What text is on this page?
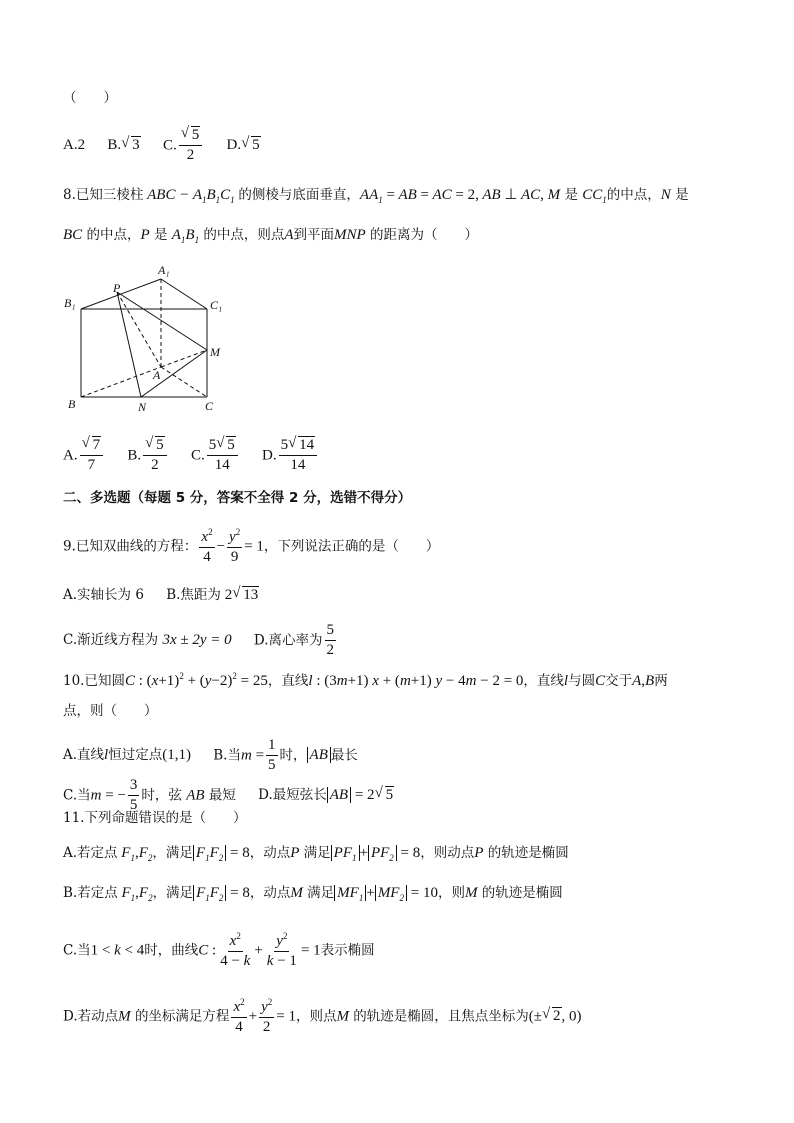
（　　）
A.2 B.√ 3 C.
√ $\frac{5}{2} D.√$ 5
8.已知三棱柱 ABC − $A_1B_1C_1$ 的侧棱与底面垂直，$AA_1$ = AB = AC = 2, AB ⊥ AC, M 是 $CC_1$的中点，N 是
BC 的中点，P 是 $A_1B_1$ 的中点，则点A到平面MNP 的距离为（　　）
A₁
B₁	C₁
P
M
A
B	N	C
A.
√ $\frac{7}{7} B$.
√ $\frac{5}{2} C$. $\frac{5√ 5}{14} D$. $\frac{5√ 14}{14}$
二、多选题（每题 5 分，答案不全得 2 分，选错不得分）
9.已知双曲线的方程： $\frac{x^2}{4} - \frac{y^2}{9} = 1$，下列说法正确的是（　　）
A.实轴长为 6 B.焦距为 2√ 13
C.渐近线方程为 3x ± 2y = 0 D.离心率为 $\frac{5}{2}$
10.已知圆C : $(x+1)^2 + (y-2)^2 = 25$，直线l : (3m+1) x + (m+1) y − 4m − 2 = 0，直线l与圆C交于A,B两
点，则（　　）
A.直线l恒过定点(1,1) B.当$m = \frac{1}{5}$ 时， AB 最长
C.当m = − $\frac{3}{5}$ 时，弦 AB 最短 D.最短弦长 AB = 2√ 5
11.下列命题错误的是（　　）
A.若定点 $F_1,F_2$，满足 $F_1F_2 = 8$，动点P 满足 $PF_1 + PF_2 = 8$，则动点P 的轨迹是椭圆
B.若定点 $F_1,F_2$，满足 $F_1F_2 = 8$，动点M 满足 $MF_1 + MF_2 = 10$，则M 的轨迹是椭圆
C.当1 < k < 4时，曲线C : $\frac{x^2}{4 - k} + \frac{y^2}{k - 1} = 1$表示椭圆
D.若动点M 的坐标满足方程 $\frac{x^2}{4} + \frac{y^2}{2} = 1$，则点M 的轨迹是椭圆，且焦点坐标为(±√ 2, 0)
